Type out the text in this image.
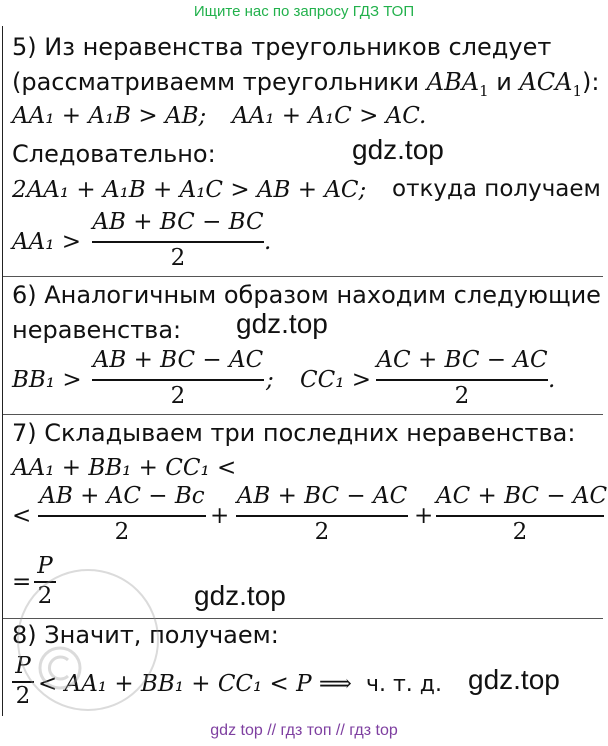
Ищите нас по запросу ГДЗ ТОП
5) Из неравенства треугольников следует
(рассматриваемм треугольники $ABA_1$ и $ACA_1$):
AA₁ + A₁B > AB; AA₁ + A₁C > AC.
Следовательно:	gdz.top
2AA₁ + A₁B + A₁C > AB + AC; откуда получаем
AA₁ >
AB + BC − BC
2
.
6) Аналогичным образом находим следующие
неравенства: gdz.top
BB₁ >
AB + BC − AC
2
; CC₁ >
AC + BC − AC
2
.
7) Складываем три последних неравенства:
AA₁ + BB₁ + CC₁ <
<
AB + AC − Bc
2
+
AB + BC − AC
2
+
AC + BC − AC
2
=
P
2	gdz.top
8) Значит, получаем:
P
2 < AA₁ + BB₁ + CC₁ < P ⟹ ч. т. д. gdz.top
gdz top // гдз топ // гдз top
